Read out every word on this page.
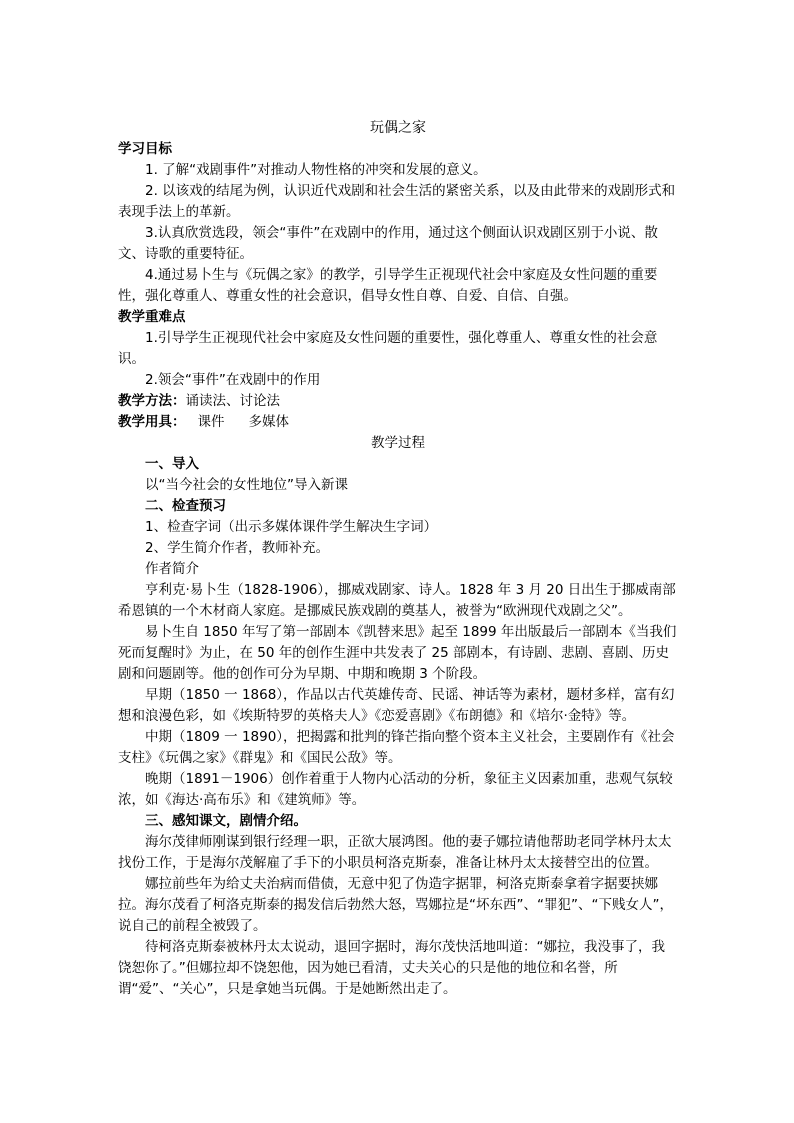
玩偶之家

学习目标

1. 了解“戏剧事件”对推动人物性格的冲突和发展的意义。

2. 以该戏的结尾为例，认识近代戏剧和社会生活的紧密关系，以及由此带来的戏剧形式和表现手法上的革新。

3.认真欣赏选段，领会“事件”在戏剧中的作用，通过这个侧面认识戏剧区别于小说、散文、诗歌的重要特征。

4.通过易卜生与《玩偶之家》的教学，引导学生正视现代社会中家庭及女性问题的重要性，强化尊重人、尊重女性的社会意识，倡导女性自尊、自爱、自信、自强。

教学重难点

1.引导学生正视现代社会中家庭及女性问题的重要性，强化尊重人、尊重女性的社会意识。

2.领会“事件”在戏剧中的作用

教学方法：诵读法、讨论法

教学用具： 课件 多媒体

教学过程

一、导入

以“当今社会的女性地位”导入新课

二、检查预习

1、检查字词（出示多媒体课件学生解决生字词）

2、学生简介作者，教师补充。

作者简介

亨利克·易卜生（1828-1906），挪威戏剧家、诗人。1828 年 3 月 20 日出生于挪威南部希恩镇的一个木材商人家庭。是挪威民族戏剧的奠基人，被誉为“欧洲现代戏剧之父”。

易卜生自 1850 年写了第一部剧本《凯替来思》起至 1899 年出版最后一部剧本《当我们死而复醒时》为止，在 50 年的创作生涯中共发表了 25 部剧本，有诗剧、悲剧、喜剧、历史剧和问题剧等。他的创作可分为早期、中期和晚期 3 个阶段。

早期（1850 一 1868），作品以古代英雄传奇、民谣、神话等为素材，题材多样，富有幻想和浪漫色彩，如《埃斯特罗的英格夫人》《恋爱喜剧》《布朗德》和《培尔·金特》等。

中期（1809 一 1890），把揭露和批判的锋芒指向整个资本主义社会，主要剧作有《社会支柱》《玩偶之家》《群鬼》和《国民公敌》等。

晚期（1891－1906）创作着重于人物内心活动的分析，象征主义因素加重，悲观气氛较浓，如《海达·高布乐》和《建筑师》等。

三、感知课文，剧情介绍。

海尔茂律师刚谋到银行经理一职，正欲大展鸿图。他的妻子娜拉请他帮助老同学林丹太太找份工作，于是海尔茂解雇了手下的小职员柯洛克斯泰，准备让林丹太太接替空出的位置。

娜拉前些年为给丈夫治病而借债，无意中犯了伪造字据罪，柯洛克斯泰拿着字据要挟娜拉。海尔茂看了柯洛克斯泰的揭发信后勃然大怒，骂娜拉是“坏东西”、“罪犯”、“下贱女人”，说自己的前程全被毁了。

待柯洛克斯泰被林丹太太说动，退回字据时，海尔茂快活地叫道：“娜拉，我没事了，我饶恕你了。”但娜拉却不饶恕他，因为她已看清，丈夫关心的只是他的地位和名誉，所谓“爱”、“关心”，只是拿她当玩偶。于是她断然出走了。
